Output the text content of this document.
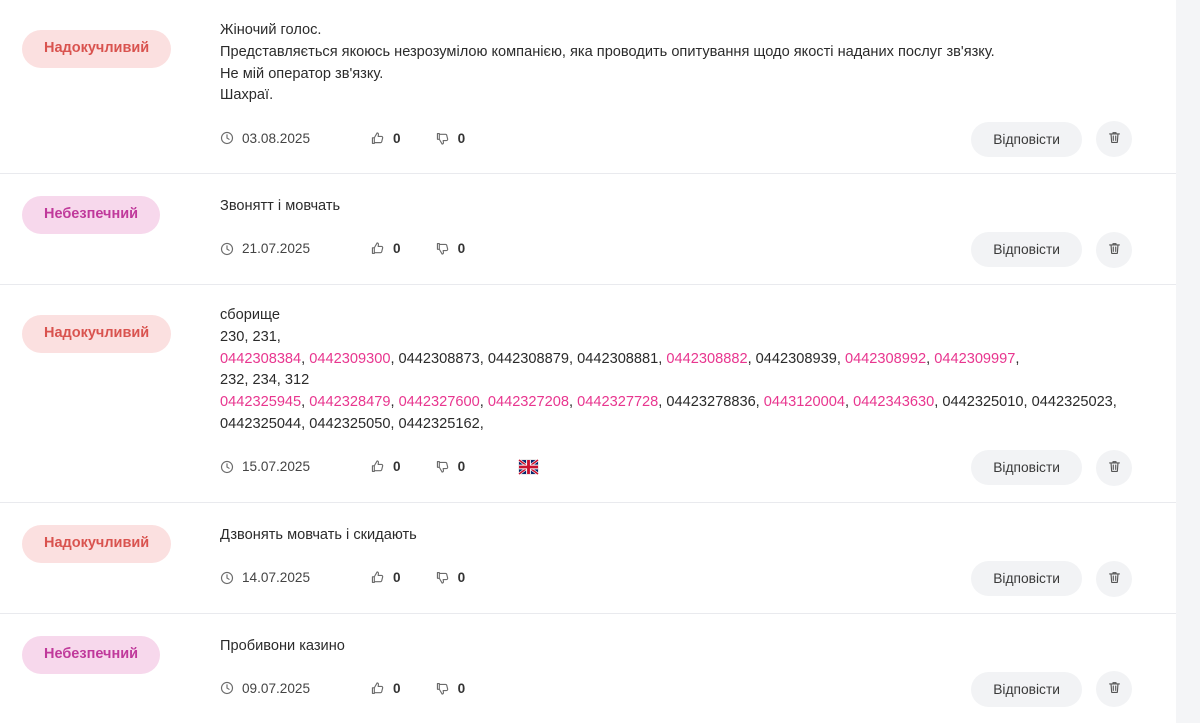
Надокучливий
Жіночий голос.
Представляється якоюсь незрозумілою компанією, яка проводить опитування щодо якості наданих послуг зв'язку.
Не мій оператор зв'язку.
Шахраї.
03.08.2025	0	0	Відповісти
Небезпечний	Звонятт і мовчать
21.07.2025	0	0	Відповісти
Надокучливий
сборище
230, 231,
0442308384, 0442309300, 0442308873, 0442308879, 0442308881, 0442308882, 0442308939, 0442308992, 0442309997,
232, 234, 312
0442325945, 0442328479, 0442327600, 0442327208, 0442327728, 04423278836, 0443120004, 0442343630, 0442325010, 0442325023,
0442325044, 0442325050, 0442325162,
15.07.2025	0	0	Відповісти
Надокучливий	Дзвонять мовчать і скидають
14.07.2025	0	0	Відповісти
Небезпечний	Пробивони казино
09.07.2025	0	0	Відповісти
